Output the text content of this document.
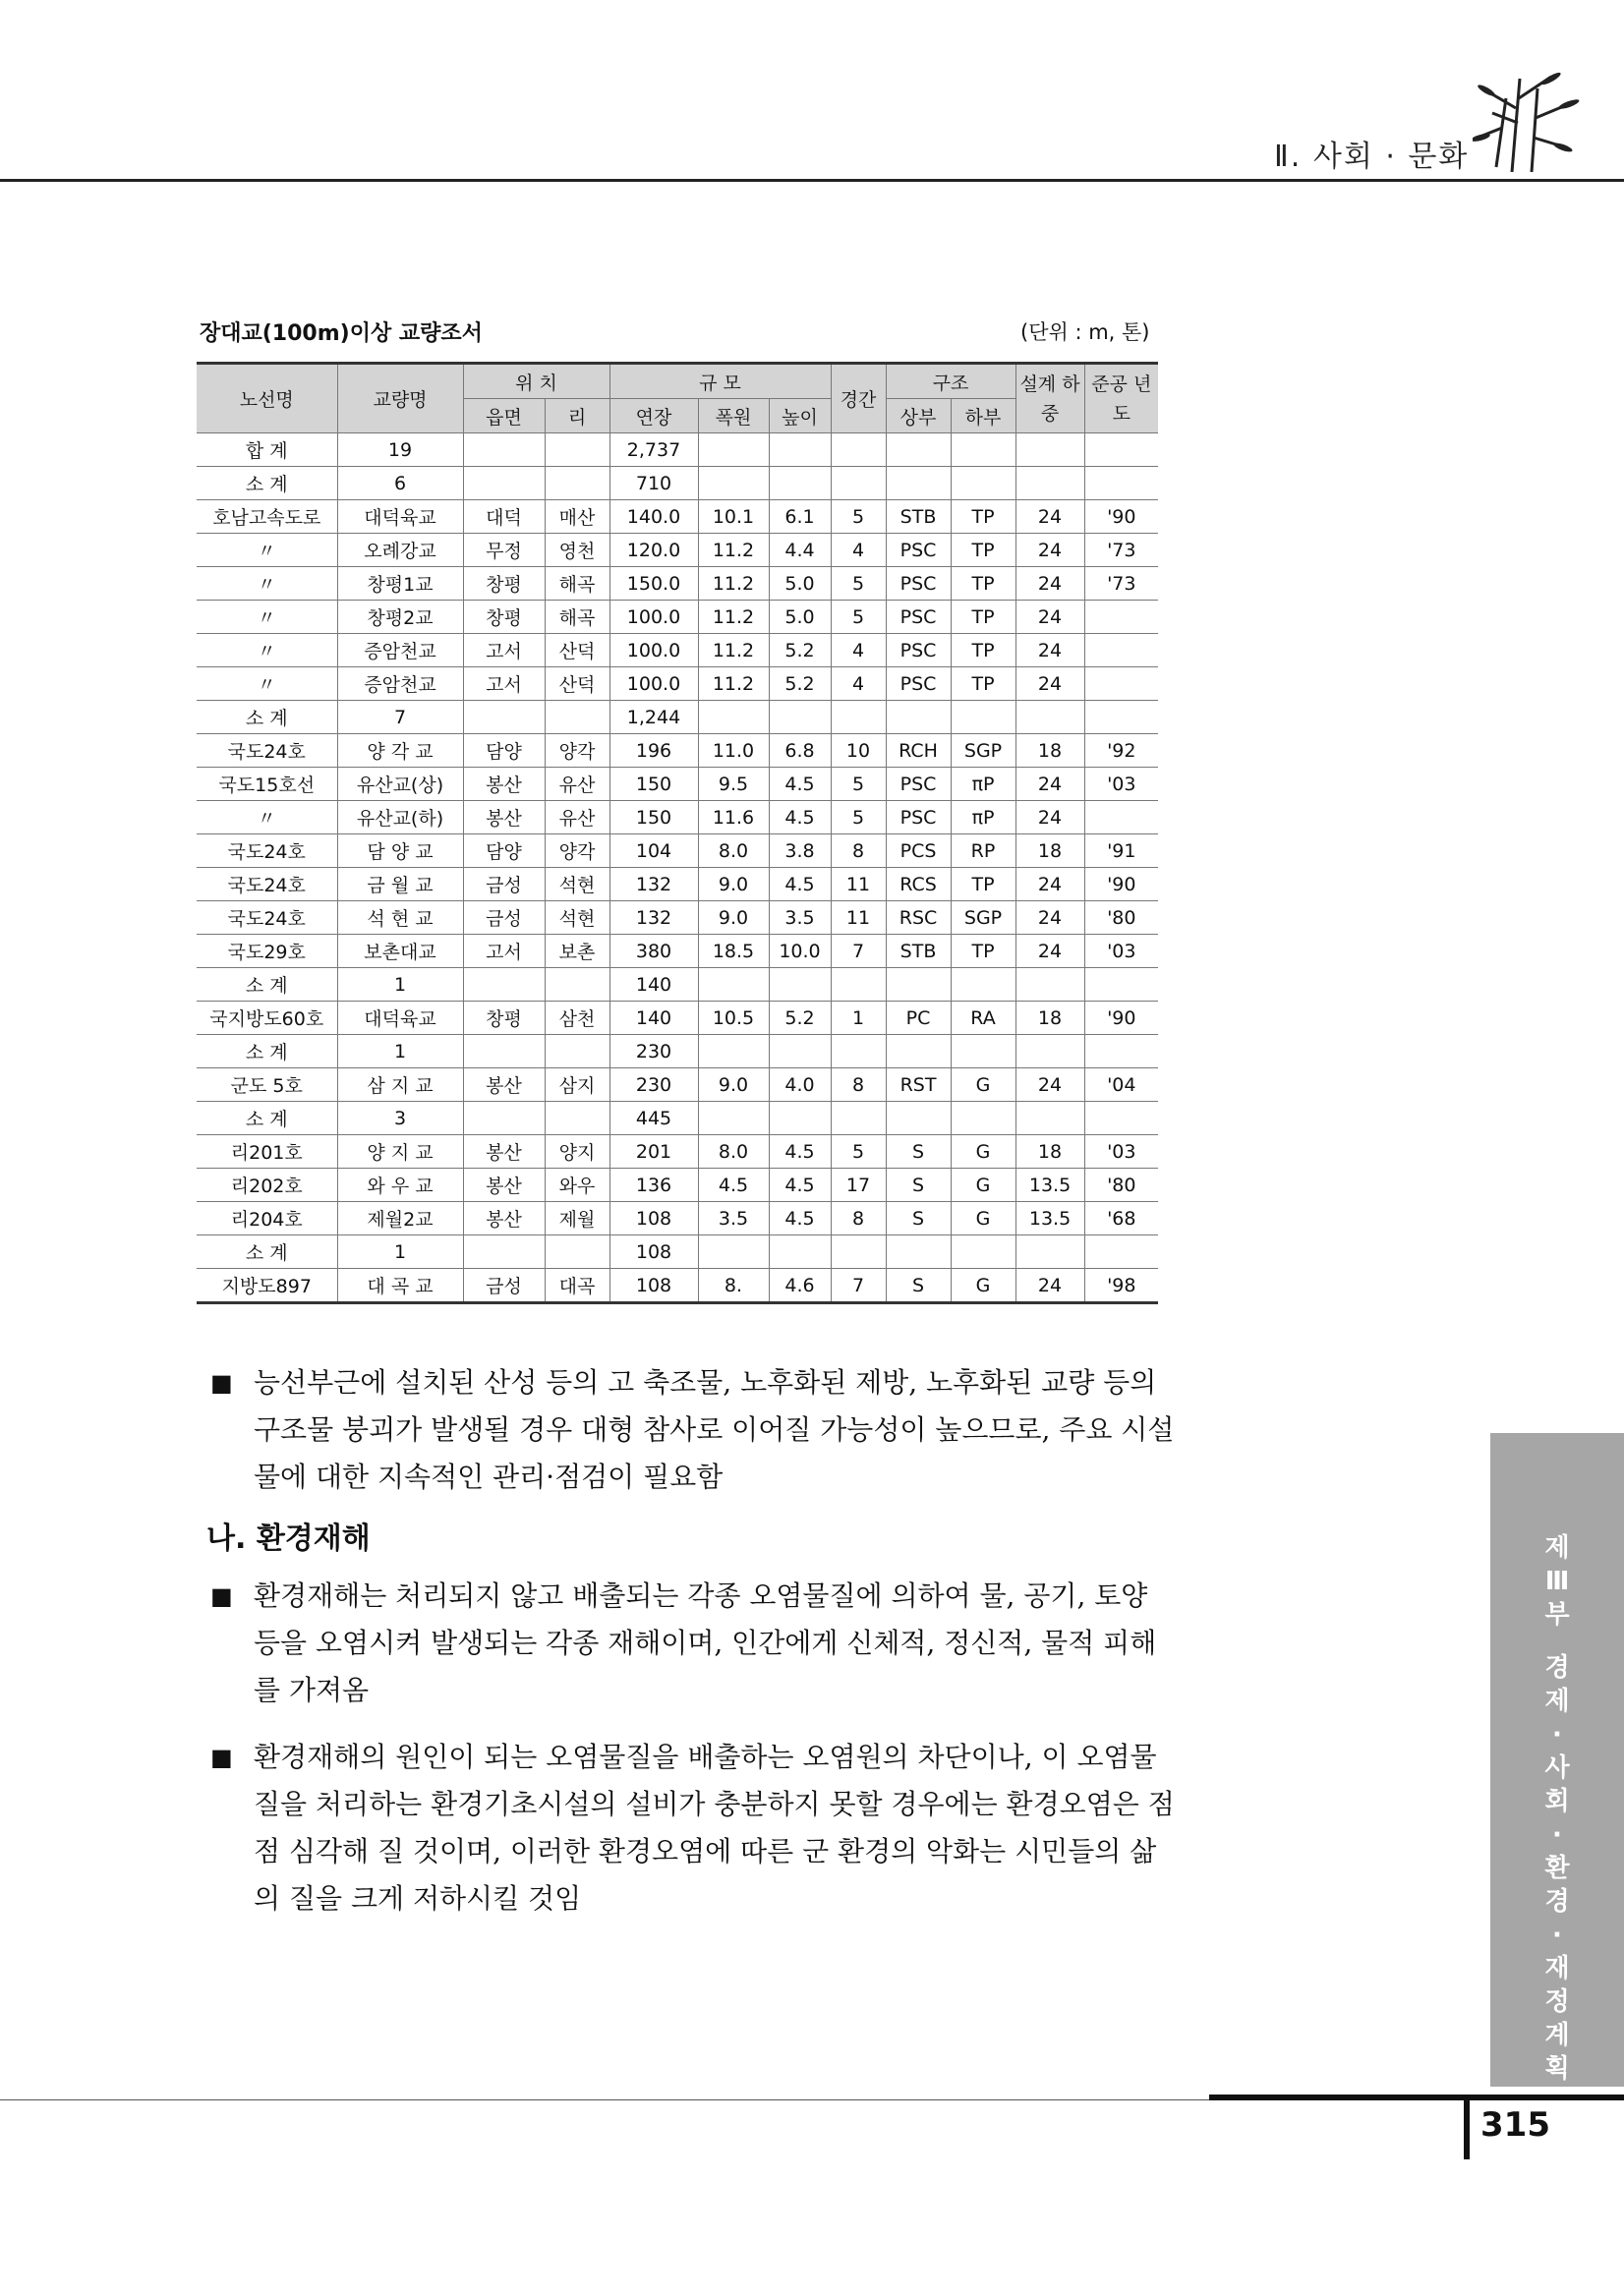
Ⅱ. 사회 · 문화
장대교(100m)이상 교량조서	(단위 : m, 톤)
노선명	교량명	위 치		규 모			경간	구조		설계 하중	준공 년도
		읍면	리	연장	폭원	높이		상부	하부		
합 계	19			2,737							
소 계	6			710							
호남고속도로	대덕육교	대덕	매산	140.0	10.1	6.1	5	STB	TP	24	'90
〃	오례강교	무정	영천	120.0	11.2	4.4	4	PSC	TP	24	'73
〃	창평1교	창평	해곡	150.0	11.2	5.0	5	PSC	TP	24	'73
〃	창평2교	창평	해곡	100.0	11.2	5.0	5	PSC	TP	24	
〃	증암천교	고서	산덕	100.0	11.2	5.2	4	PSC	TP	24	
〃	증암천교	고서	산덕	100.0	11.2	5.2	4	PSC	TP	24	
소 계	7			1,244							
국도24호	양 각 교	담양	양각	196	11.0	6.8	10	RCH	SGP	18	'92
국도15호선	유산교(상)	봉산	유산	150	9.5	4.5	5	PSC	πP	24	'03
〃	유산교(하)	봉산	유산	150	11.6	4.5	5	PSC	πP	24	
국도24호	담 양 교	담양	양각	104	8.0	3.8	8	PCS	RP	18	'91
국도24호	금 월 교	금성	석현	132	9.0	4.5	11	RCS	TP	24	'90
국도24호	석 현 교	금성	석현	132	9.0	3.5	11	RSC	SGP	24	'80
국도29호	보촌대교	고서	보촌	380	18.5	10.0	7	STB	TP	24	'03
소 계	1			140							
국지방도60호	대덕육교	창평	삼천	140	10.5	5.2	1	PC	RA	18	'90
소 계	1			230							
군도 5호	삼 지 교	봉산	삼지	230	9.0	4.0	8	RST	G	24	'04
소 계	3			445							
리201호	양 지 교	봉산	양지	201	8.0	4.5	5	S	G	18	'03
리202호	와 우 교	봉산	와우	136	4.5	4.5	17	S	G	13.5	'80
리204호	제월2교	봉산	제월	108	3.5	4.5	8	S	G	13.5	'68
소 계	1			108							
지방도897	대 곡 교	금성	대곡	108	8.	4.6	7	S	G	24	'98
■ 능선부근에 설치된 산성 등의 고 축조물, 노후화된 제방, 노후화된 교량 등의 구조물 붕괴가 발생될 경우 대형 참사로 이어질 가능성이 높으므로, 주요 시설물에 대한 지속적인 관리·점검이 필요함
나. 환경재해
■ 환경재해는 처리되지 않고 배출되는 각종 오염물질에 의하여 물, 공기, 토양 등을 오염시켜 발생되는 각종 재해이며, 인간에게 신체적, 정신적, 물적 피해를 가져옴
■ 환경재해의 원인이 되는 오염물질을 배출하는 오염원의 차단이나, 이 오염물질을 처리하는 환경기초시설의 설비가 충분하지 못할 경우에는 환경오염은 점점 심각해 질 것이며, 이러한 환경오염에 따른 군 환경의 악화는 시민들의 삶의 질을 크게 저하시킬 것임
제
Ⅲ
부
경
제
·
사
회
·
환
경
·
재
정
계
획
315
